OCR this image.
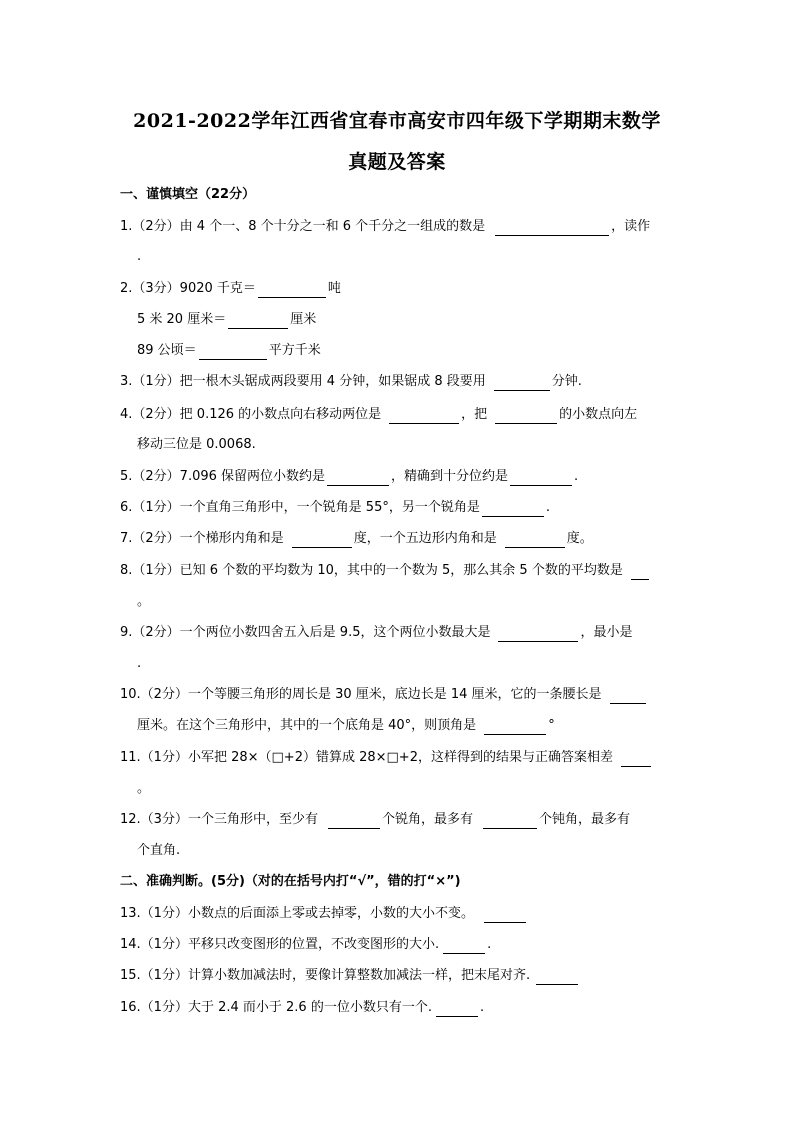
2021-2022学年江西省宜春市高安市四年级下学期期末数学
真题及答案
一、谨慎填空（22分）
1.（2分）由 4 个一、8 个十分之一和 6 个千分之一组成的数是	，读作
.
2.（3分）9020 千克＝	吨
5 米 20 厘米＝	厘米
89 公顷＝	平方千米
3.（1分）把一根木头锯成两段要用 4 分钟，如果锯成 8 段要用	分钟.
4.（2分）把 0.126 的小数点向右移动两位是	，把	的小数点向左
移动三位是 0.0068.
5.（2分）7.096 保留两位小数约是	，精确到十分位约是	.
6.（1分）一个直角三角形中，一个锐角是 55°，另一个锐角是	.
7.（2分）一个梯形内角和是	度，一个五边形内角和是	度。
8.（1分）已知 6 个数的平均数为 10，其中的一个数为 5，那么其余 5 个数的平均数是
。
9.（2分）一个两位小数四舍五入后是 9.5，这个两位小数最大是	，最小是
.
10.（2分）一个等腰三角形的周长是 30 厘米，底边长是 14 厘米，它的一条腰长是
厘米。在这个三角形中，其中的一个底角是 40°，则顶角是	°
11.（1分）小军把 28×（□+2）错算成 28×□+2，这样得到的结果与正确答案相差
。
12.（3分）一个三角形中，至少有	个锐角，最多有	个钝角，最多有
个直角.
二、准确判断。(5分)（对的在括号内打“√”，错的打“×”)
13.（1分）小数点的后面添上零或去掉零，小数的大小不变。
14.（1分）平移只改变图形的位置，不改变图形的大小.	.
15.（1分）计算小数加减法时，要像计算整数加减法一样，把末尾对齐.
16.（1分）大于 2.4 而小于 2.6 的一位小数只有一个.	.
